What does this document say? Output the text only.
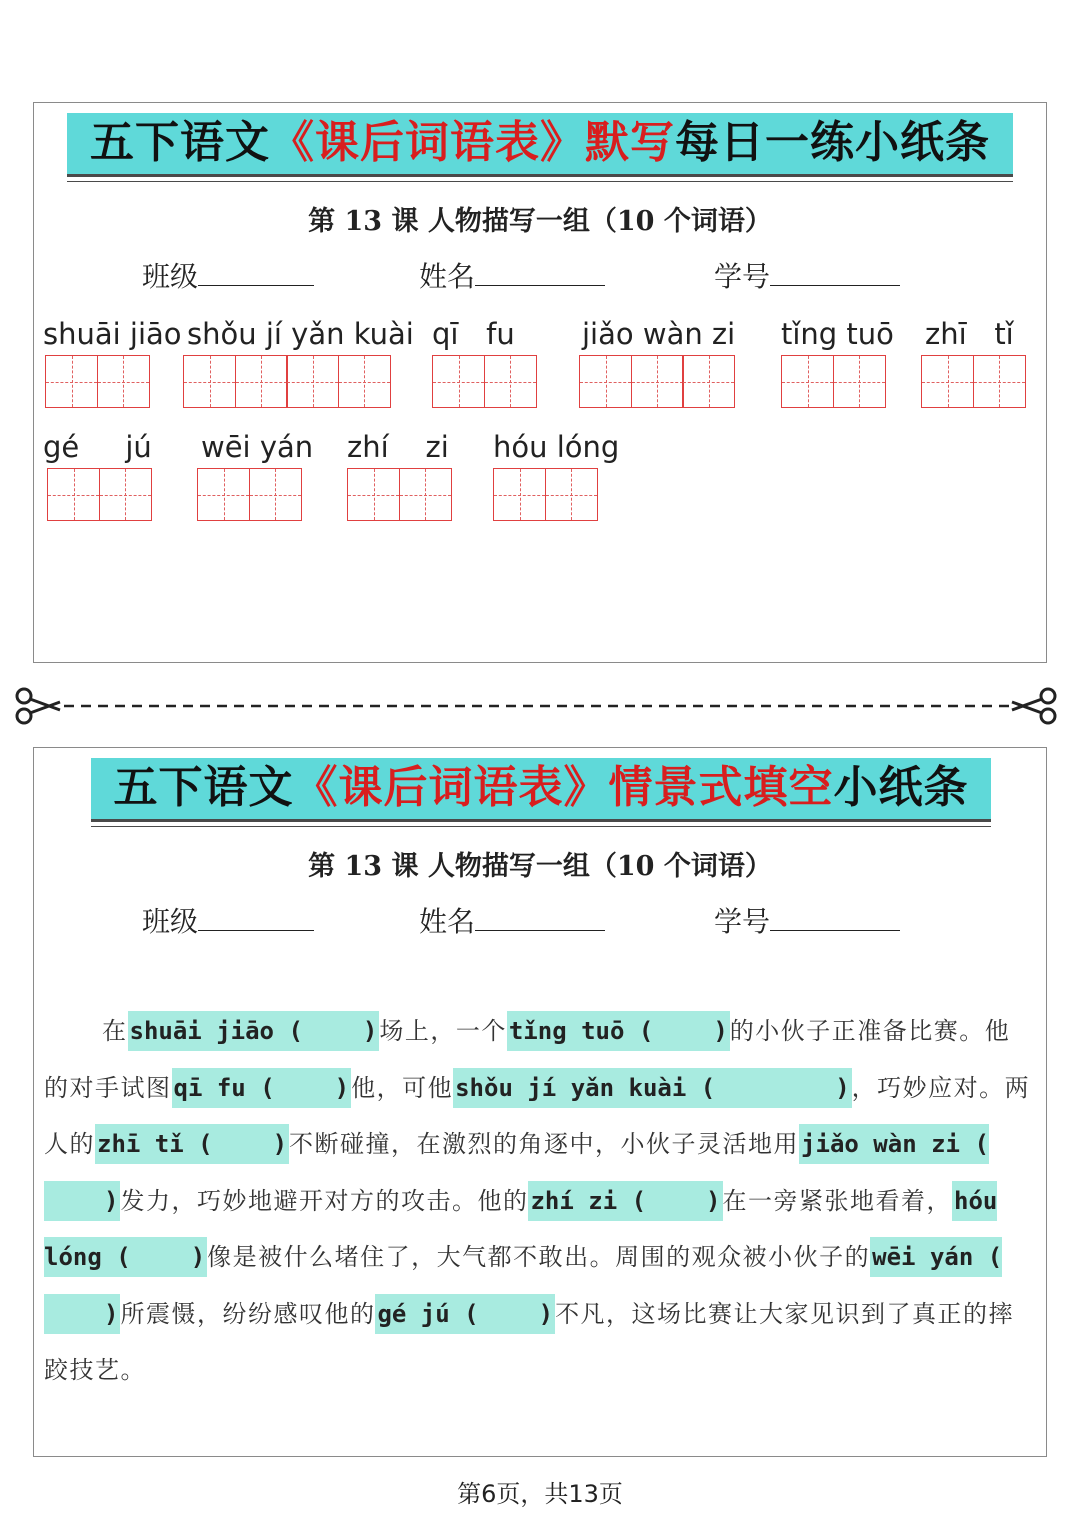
五下语文《课后词语表》默写每日一练小纸条
第 13 课 人物描写一组（10 个词语）
班级	姓名	学号
shuāi jiāo shǒu jí yǎn kuài qī   fu	jiǎo wàn zi tǐng tuō zhī   tǐ
gé     jú wēi yán zhí    zi hóu lóng
五下语文《课后词语表》情景式填空小纸条
第 13 课 人物描写一组（10 个词语）
班级	姓名	学号
在shuāi jiāo (	)场上，一个tǐng tuō (	)的小伙子正准备比赛。他的对手试图qī fu (	)他，可他shǒu jí yǎn kuài (	)，巧妙应对。两人的zhī tǐ (	)不断碰撞，在激烈的角逐中，小伙子灵活地用jiǎo wàn zi ()发力，巧妙地避开对方的攻击。他的zhí zi (	)在一旁紧张地看着，hóu lóng (	)像是被什么堵住了，大气都不敢出。周围的观众被小伙子的wēi yán ()所震慑，纷纷感叹他的gé jú (	)不凡，这场比赛让大家见识到了真正的摔跤技艺。
第6页，共13页
